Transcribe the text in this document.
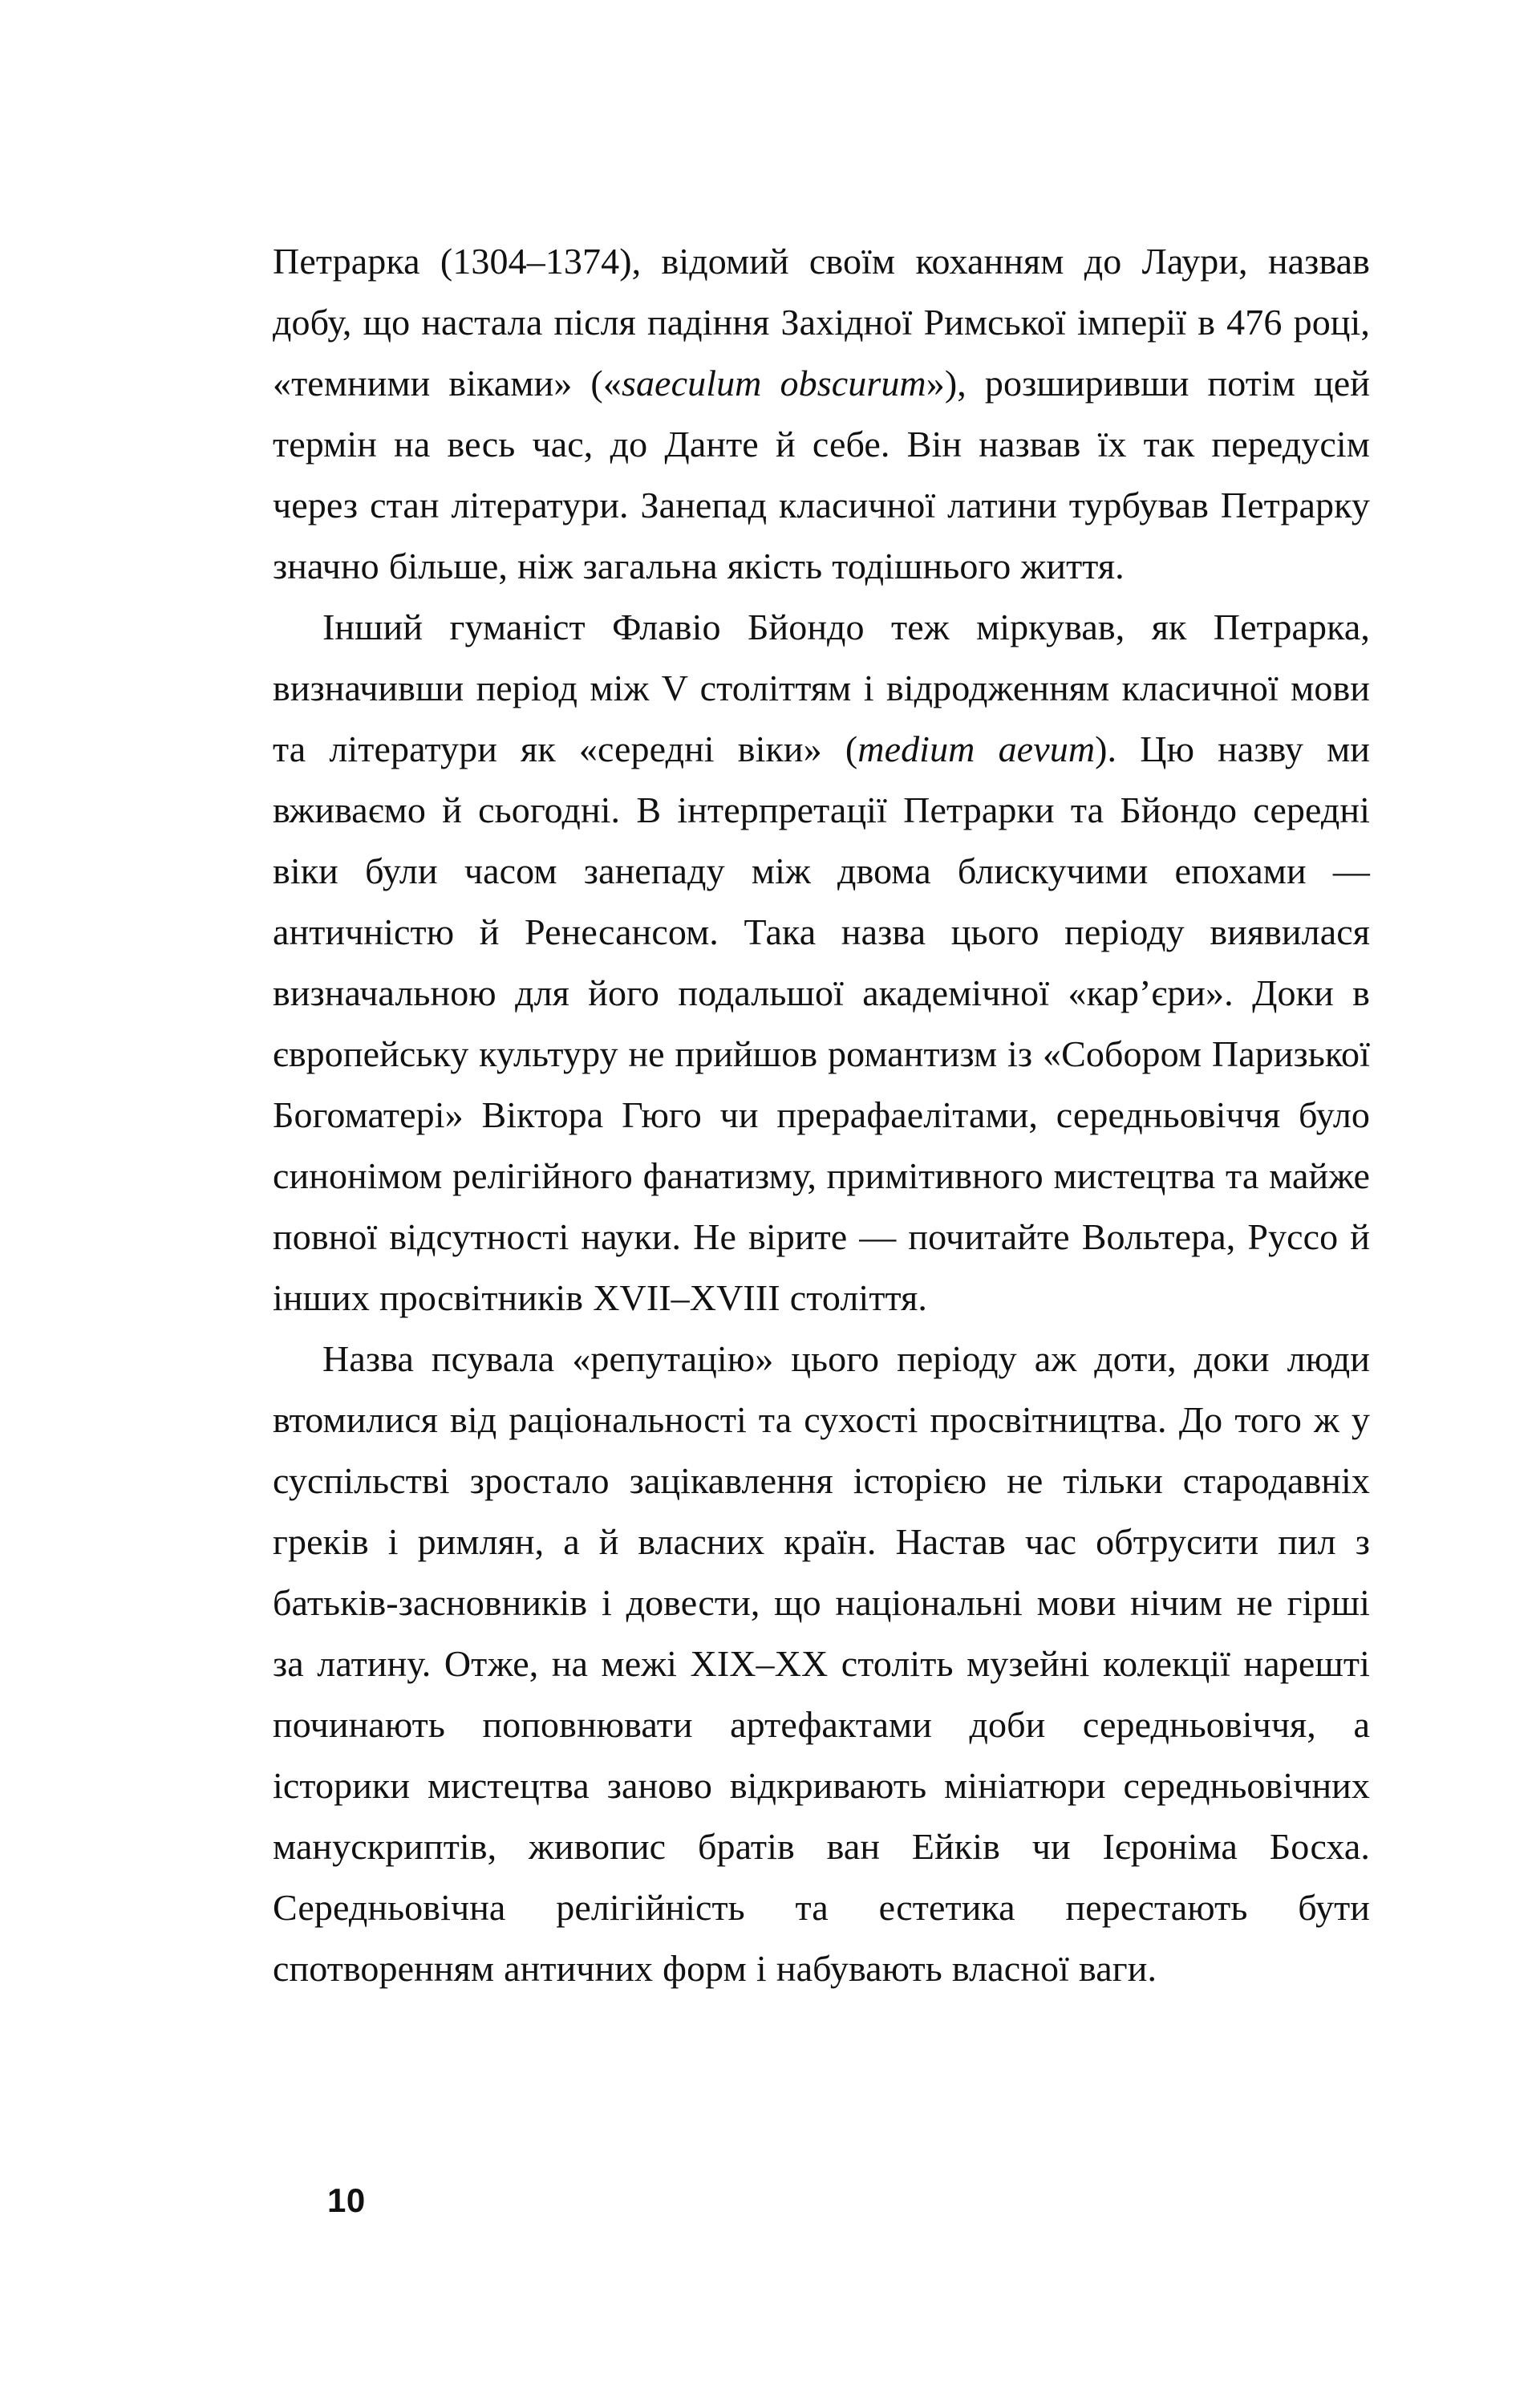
Петрарка (1304–1374), відомий своїм коханням до Лаури, назвав добу, що настала після падіння Західної Римської імперії в 476 році, «темними віками» («saeculum obscurum»), розширивши потім цей термін на весь час, до Данте й себе. Він назвав їх так передусім через стан літератури. Занепад класичної латини турбував Петрарку значно більше, ніж загальна якість тодішнього життя.

Інший гуманіст Флавіо Бйондо теж міркував, як Петрарка, визначивши період між V століттям і відродженням класичної мови та літератури як «середні віки» (medium aevum). Цю назву ми вживаємо й сьогодні. В інтерпретації Петрарки та Бйондо середні віки були часом занепаду між двома блискучими епохами — античністю й Ренесансом. Така назва цього періоду виявилася визначальною для його подальшої академічної «кар’єри». Доки в європейську культуру не прийшов романтизм із «Собором Паризької Богоматері» Віктора Гюго чи прерафаелітами, середньовіччя було синонімом релігійного фанатизму, примітивного мистецтва та майже повної відсутності науки. Не вірите — почитайте Вольтера, Руссо й інших просвітників XVII–XVIII століття.

Назва псувала «репутацію» цього періоду аж доти, доки люди втомилися від раціональності та сухості просвітництва. До того ж у суспільстві зростало зацікавлення історією не тільки стародавніх греків і римлян, а й власних країн. Настав час обтрусити пил з батьків-засновників і довести, що національні мови нічим не гірші за латину. Отже, на межі XIX–XX століть музейні колекції нарешті починають поповнювати артефактами доби середньовіччя, а історики мистецтва заново відкривають мініатюри середньовічних манускриптів, живопис братів ван Ейків чи Ієроніма Босха. Середньовічна релігійність та естетика перестають бути спотворенням античних форм і набувають власної ваги.

10
